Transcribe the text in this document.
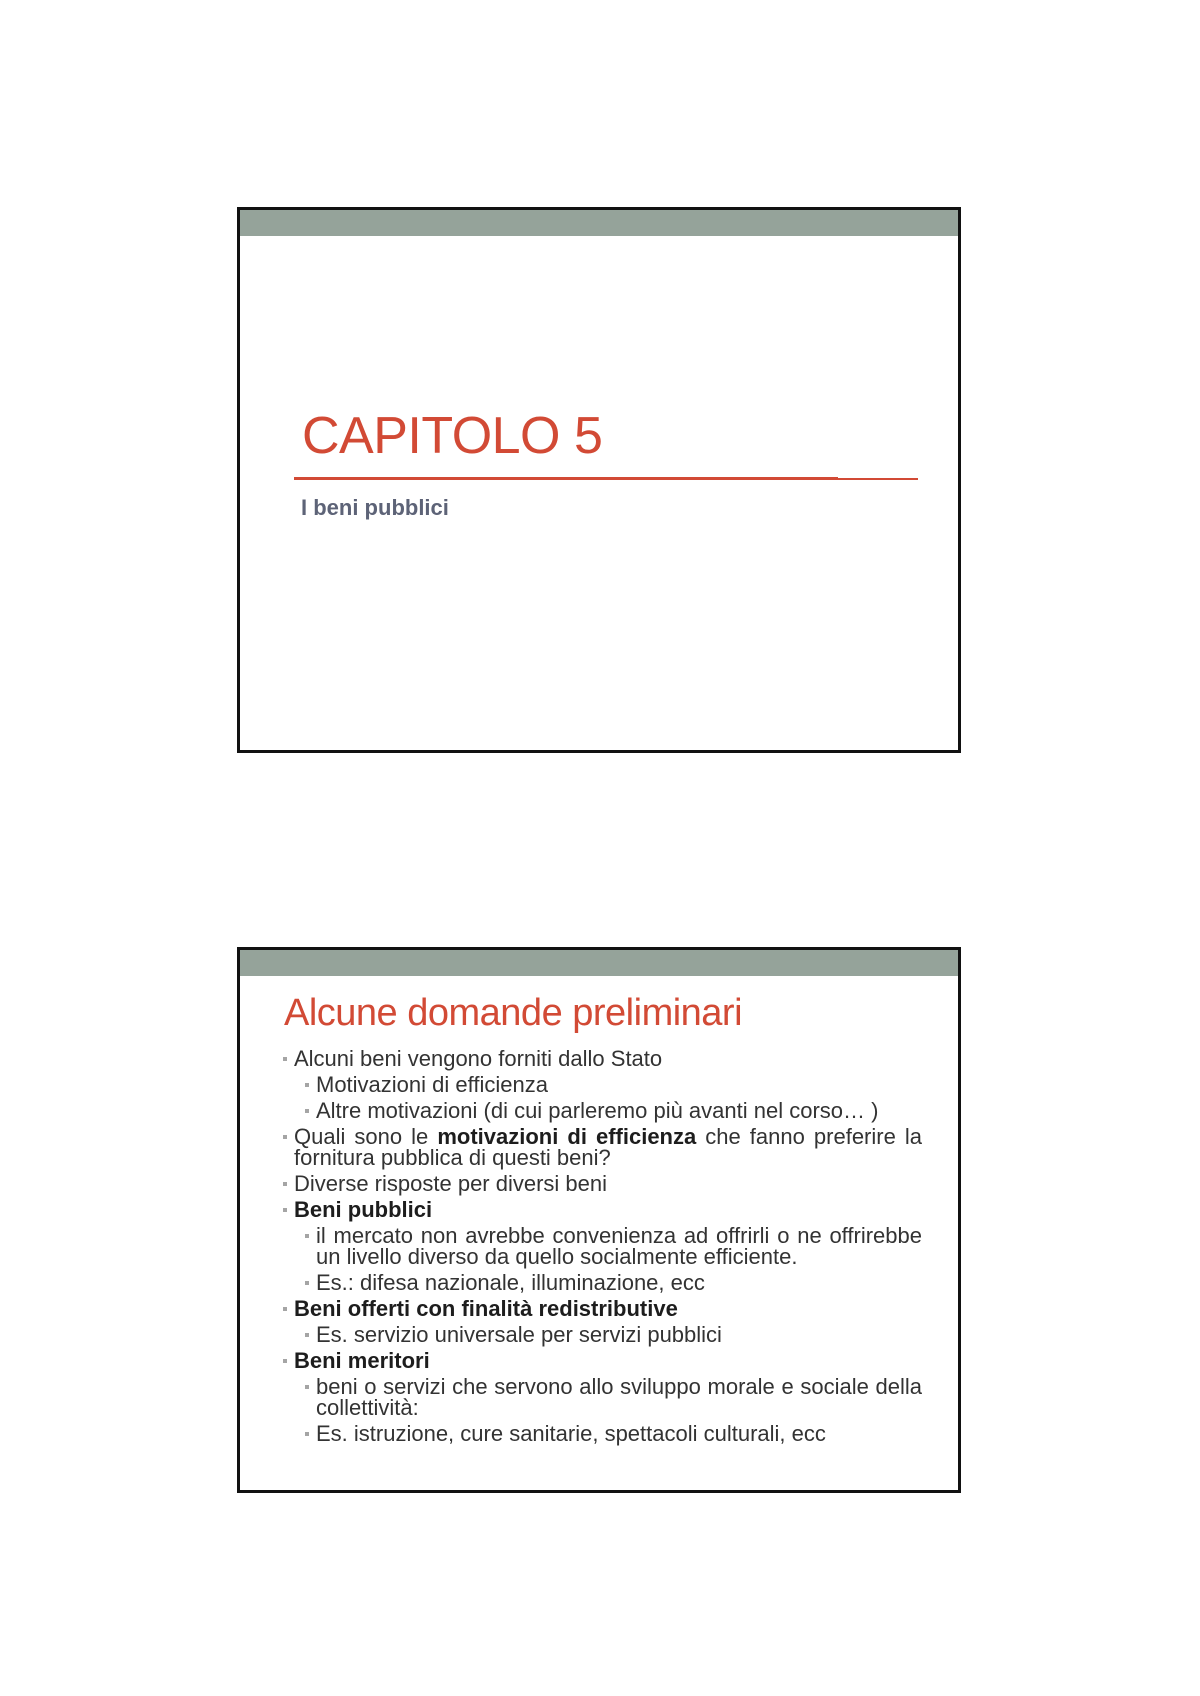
CAPITOLO 5
I beni pubblici
Alcune domande preliminari
Alcuni beni vengono forniti dallo Stato
Motivazioni di efficienza
Altre motivazioni (di cui parleremo più avanti nel corso… )
Quali sono le motivazioni di efficienza che fanno preferire la fornitura pubblica di questi beni?
Diverse risposte per diversi beni
Beni pubblici
il mercato non avrebbe convenienza ad offrirli o ne offrirebbe un livello diverso da quello socialmente efficiente.
Es.: difesa nazionale, illuminazione, ecc
Beni offerti con finalità redistributive
Es. servizio universale per servizi pubblici
Beni meritori
beni o servizi che servono allo sviluppo morale e sociale della collettività:
Es. istruzione, cure sanitarie, spettacoli culturali, ecc
